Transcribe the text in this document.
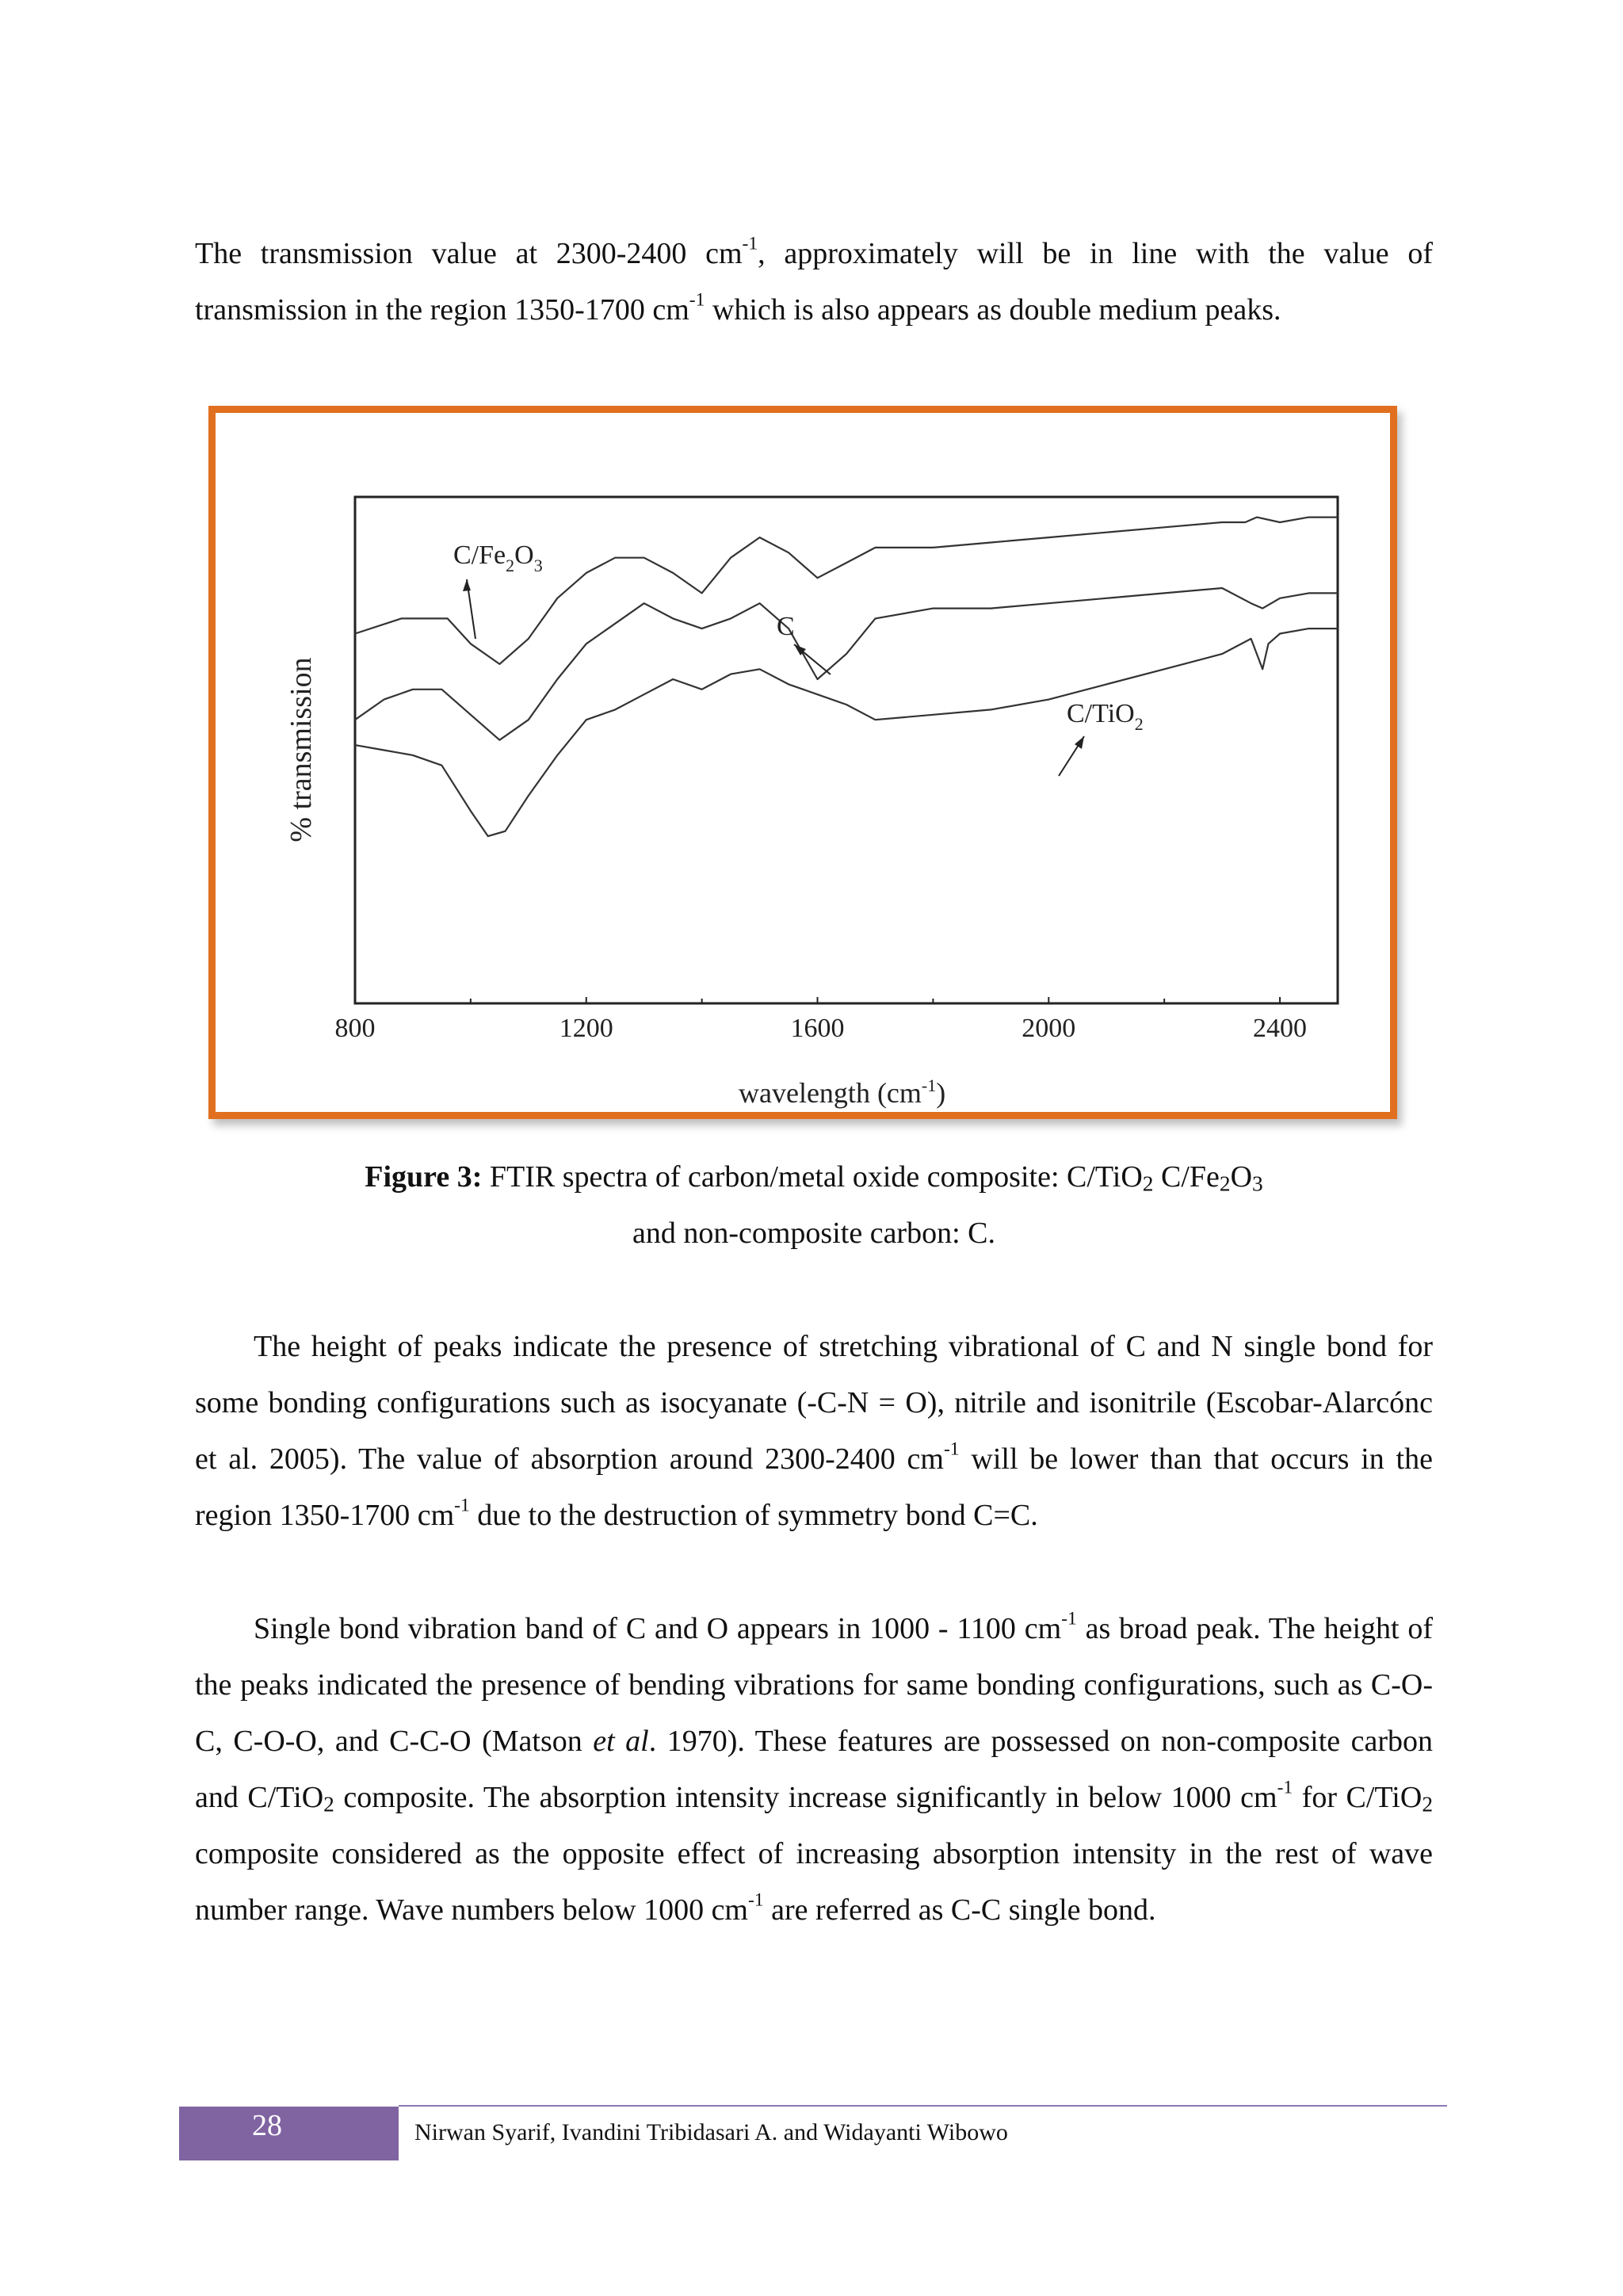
The transmission value at 2300-2400 $cm^{-1}$, approximately will be in line with the value of transmission in the region 1350-1700 $cm^{-1}$ which is also appears as double medium peaks.

800	1200	1600	2000	2400
% transmission
wavelength $(cm^{-1})$
$C/Fe_2O_3$
C
C/TiO$_2$

Figure 3: FTIR spectra of carbon/metal oxide composite: C/TiO$_2$ $C/Fe_2O_3$

and non-composite carbon: C.

The height of peaks indicate the presence of stretching vibrational of C and N single bond for some bonding configurations such as isocyanate (-C-N = O), nitrile and isonitrile (Escobar-Alarcónc et al. 2005). The value of absorption around 2300-2400 $cm^{-1}$ will be lower than that occurs in the region 1350-1700 $cm^{-1}$ due to the destruction of symmetry bond C=C.

Single bond vibration band of C and O appears in 1000 - 1100 $cm^{-1}$ as broad peak. The height of the peaks indicated the presence of bending vibrations for same bonding configurations, such as C-O-C, C-O-O, and C-C-O (Matson et al. 1970). These features are possessed on non-composite carbon and C/TiO$_2$ composite. The absorption intensity increase significantly in below 1000 $cm^{-1}$ for C/TiO$_2$ composite considered as the opposite effect of increasing absorption intensity in the rest of wave number range. Wave numbers below 1000 $cm^{-1}$ are referred as C-C single bond.

28	Nirwan Syarif, Ivandini Tribidasari A. and Widayanti Wibowo
